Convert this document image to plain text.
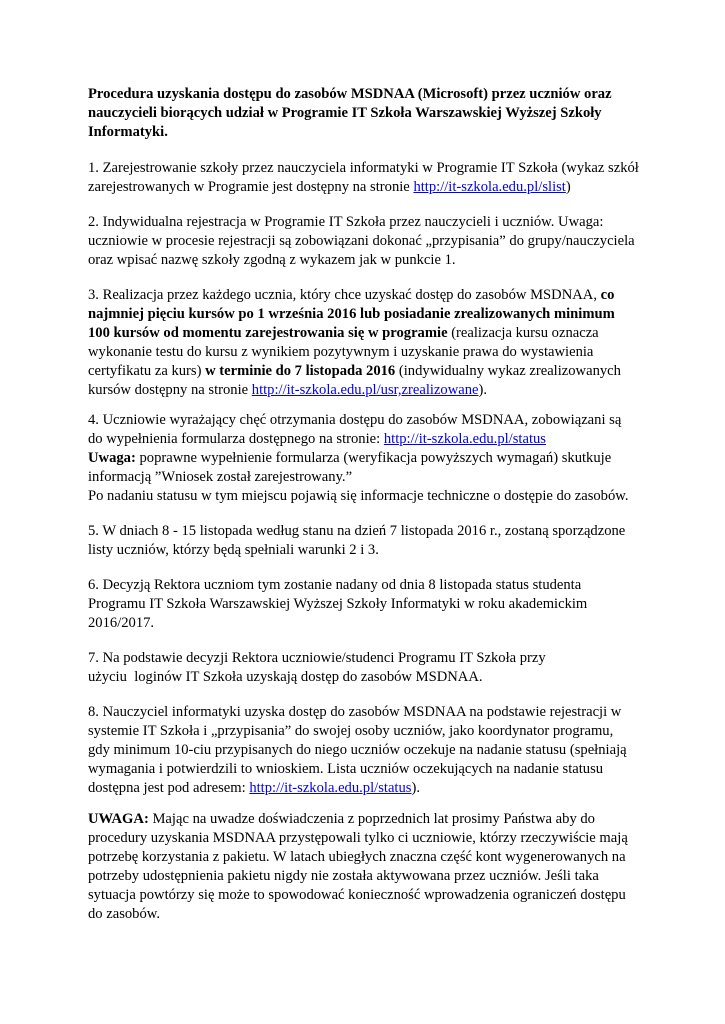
Procedura uzyskania dostępu do zasobów MSDNAA (Microsoft) przez uczniów oraz
nauczycieli biorących udział w Programie IT Szkoła Warszawskiej Wyższej Szkoły
Informatyki.
1. Zarejestrowanie szkoły przez nauczyciela informatyki w Programie IT Szkoła (wykaz szkół
zarejestrowanych w Programie jest dostępny na stronie http://it-szkola.edu.pl/slist)
2. Indywidualna rejestracja w Programie IT Szkoła przez nauczycieli i uczniów. Uwaga:
uczniowie w procesie rejestracji są zobowiązani dokonać „przypisania” do grupy/nauczyciela
oraz wpisać nazwę szkoły zgodną z wykazem jak w punkcie 1.
3. Realizacja przez każdego ucznia, który chce uzyskać dostęp do zasobów MSDNAA, co
najmniej pięciu kursów po 1 września 2016 lub posiadanie zrealizowanych minimum
100 kursów od momentu zarejestrowania się w programie (realizacja kursu oznacza
wykonanie testu do kursu z wynikiem pozytywnym i uzyskanie prawa do wystawienia
certyfikatu za kurs) w terminie do 7 listopada 2016 (indywidualny wykaz zrealizowanych
kursów dostępny na stronie http://it-szkola.edu.pl/usr,zrealizowane).
4. Uczniowie wyrażający chęć otrzymania dostępu do zasobów MSDNAA, zobowiązani są
do wypełnienia formularza dostępnego na stronie: http://it-szkola.edu.pl/status
Uwaga: poprawne wypełnienie formularza (weryfikacja powyższych wymagań) skutkuje
informacją ”Wniosek został zarejestrowany.”
Po nadaniu statusu w tym miejscu pojawią się informacje techniczne o dostępie do zasobów.
5. W dniach 8 - 15 listopada według stanu na dzień 7 listopada 2016 r., zostaną sporządzone
listy uczniów, którzy będą spełniali warunki 2 i 3.
6. Decyzją Rektora uczniom tym zostanie nadany od dnia 8 listopada status studenta
Programu IT Szkoła Warszawskiej Wyższej Szkoły Informatyki w roku akademickim
2016/2017.
7. Na podstawie decyzji Rektora uczniowie/studenci Programu IT Szkoła przy
użyciu  loginów IT Szkoła uzyskają dostęp do zasobów MSDNAA.
8. Nauczyciel informatyki uzyska dostęp do zasobów MSDNAA na podstawie rejestracji w
systemie IT Szkoła i „przypisania” do swojej osoby uczniów, jako koordynator programu,
gdy minimum 10-ciu przypisanych do niego uczniów oczekuje na nadanie statusu (spełniają
wymagania i potwierdzili to wnioskiem. Lista uczniów oczekujących na nadanie statusu
dostępna jest pod adresem: http://it-szkola.edu.pl/status).
UWAGA: Mając na uwadze doświadczenia z poprzednich lat prosimy Państwa aby do
procedury uzyskania MSDNAA przystępowali tylko ci uczniowie, którzy rzeczywiście mają
potrzebę korzystania z pakietu. W latach ubiegłych znaczna część kont wygenerowanych na
potrzeby udostępnienia pakietu nigdy nie została aktywowana przez uczniów. Jeśli taka
sytuacja powtórzy się może to spowodować konieczność wprowadzenia ograniczeń dostępu
do zasobów.
